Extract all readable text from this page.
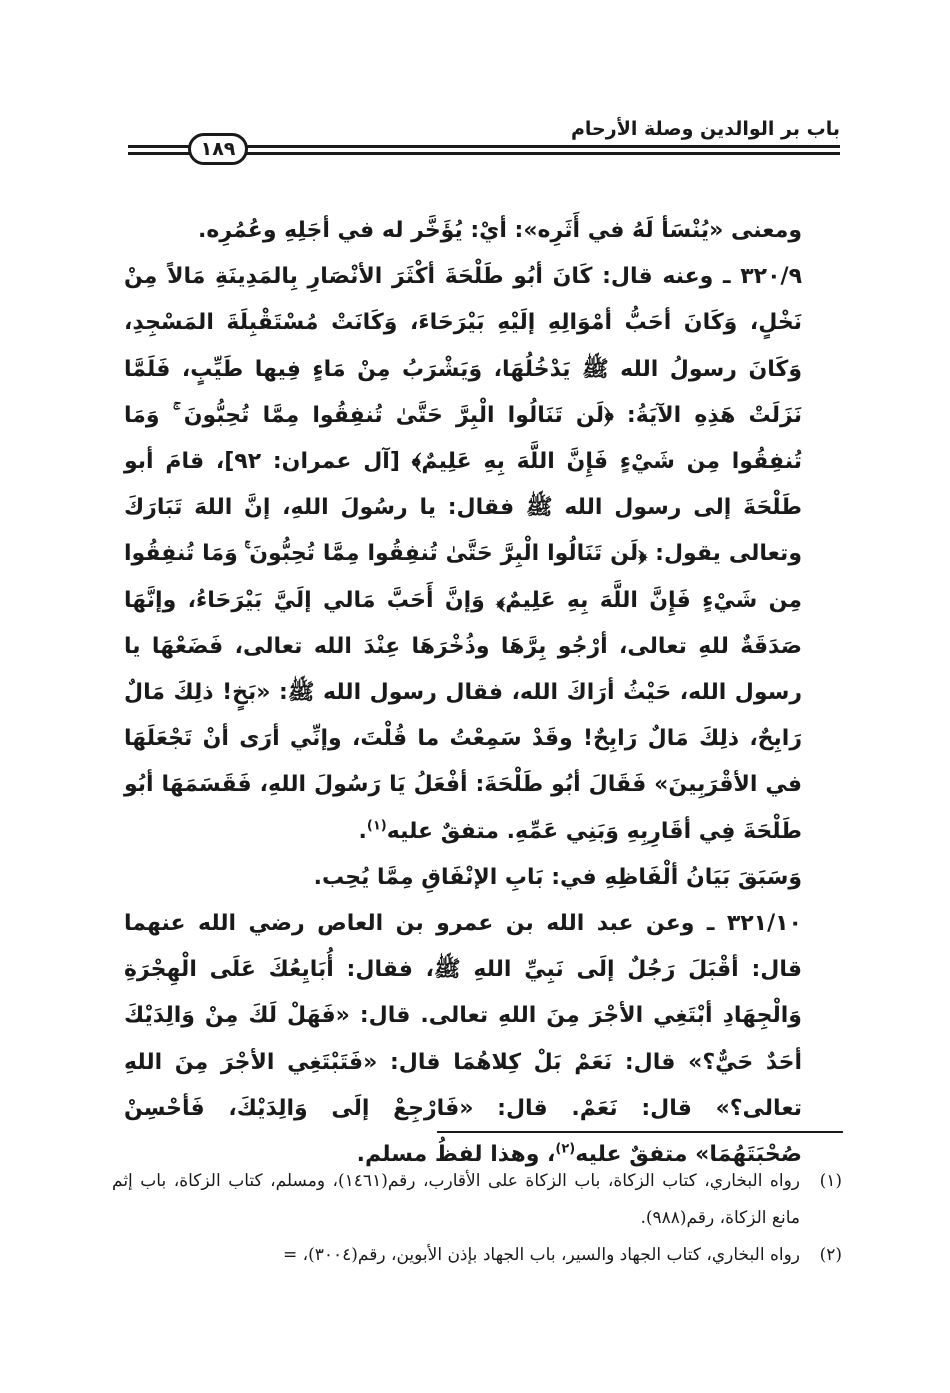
باب بر الوالدين وصلة الأرحام
١٨٩

ومعنى «يُنْسَأ لَهُ في أَثَرِه»: أيْ: يُؤَخَّر له في أجَلِهِ وعُمُرِه.

٣٢٠/٩ ـ وعنه قال: كَانَ أبُو طَلْحَةَ أكْثَرَ الأنْصَارِ بِالمَدِينَةِ مَالاً مِنْ نَخْلٍ، وَكَانَ أحَبُّ أمْوَالِهِ إلَيْهِ بَيْرَحَاءَ، وَكَانَتْ مُسْتَقْبِلَةَ المَسْجِدِ، وَكَانَ رسولُ الله ﷺ يَدْخُلُهَا، وَيَشْرَبُ مِنْ مَاءٍ فِيها طَيِّبٍ، فَلَمَّا نَزَلَتْ هَذِهِ الآيَةُ: ﴿لَن تَنَالُوا الْبِرَّ حَتَّىٰ تُنفِقُوا مِمَّا تُحِبُّونَ ۚ وَمَا تُنفِقُوا مِن شَيْءٍ فَإِنَّ اللَّهَ بِهِ عَلِيمٌ﴾ [آل عمران: ٩٢]، قامَ أبو طَلْحَةَ إلى رسول الله ﷺ فقال: يا رسُولَ اللهِ، إنَّ اللهَ تَبَارَكَ وتعالى يقول: ﴿لَن تَنَالُوا الْبِرَّ حَتَّىٰ تُنفِقُوا مِمَّا تُحِبُّونَ ۚ وَمَا تُنفِقُوا مِن شَيْءٍ فَإِنَّ اللَّهَ بِهِ عَلِيمٌ﴾ وَإنَّ أَحَبَّ مَالي إلَيَّ بَيْرَحَاءُ، وإنَّهَا صَدَقَةٌ للهِ تعالى، أرْجُو بِرَّهَا وذُخْرَهَا عِنْدَ الله تعالى، فَضَعْهَا يا رسول الله، حَيْثُ أرَاكَ الله، فقال رسول الله ﷺ: «بَخٍ! ذلِكَ مَالٌ رَابِحٌ، ذلِكَ مَالٌ رَابِحٌ! وقَدْ سَمِعْتُ ما قُلْتَ، وإنِّي أرَى أنْ تَجْعَلَهَا في الأقْرَبِينَ» فَقَالَ أبُو طَلْحَةَ: أفْعَلُ يَا رَسُولَ اللهِ، فَقَسَمَهَا أبُو طَلْحَةَ فِي أقَارِبِهِ وَبَنِي عَمِّهِ. متفقٌ عليه$^{(١)}$.

وَسَبَقَ بَيَانُ ألْفَاظِهِ في: بَابِ الإنْفَاقِ مِمَّا يُحِب.

٣٢١/١٠ ـ وعن عبد الله بن عمرو بن العاص رضي الله عنهما قال: أقْبَلَ رَجُلٌ إلَى نَبِيِّ اللهِ ﷺ، فقال: أُبَايِعُكَ عَلَى الْهِجْرَةِ وَالْجِهَادِ أبْتَغِي الأجْرَ مِنَ اللهِ تعالى. قال: «فَهَلْ لَكَ مِنْ وَالِدَيْكَ أحَدٌ حَيٌّ؟» قال: نَعَمْ بَلْ كِلاهُمَا قال: «فَتَبْتَغِي الأجْرَ مِنَ اللهِ تعالى؟» قال: نَعَمْ. قال: «فَارْجِعْ إلَى وَالِدَيْكَ، فَأحْسِنْ صُحْبَتَهُمَا» متفقٌ عليه$^{(٢)}$، وهذا لفظُ مسلم.

(١)
رواه البخاري، كتاب الزكاة، باب الزكاة على الأقارب، رقم(١٤٦١)، ومسلم، كتاب الزكاة، باب إثم مانع الزكاة، رقم(٩٨٨).
(٢)
رواه البخاري، كتاب الجهاد والسير، باب الجهاد بإذن الأبوين، رقم(٣٠٠٤)، =
